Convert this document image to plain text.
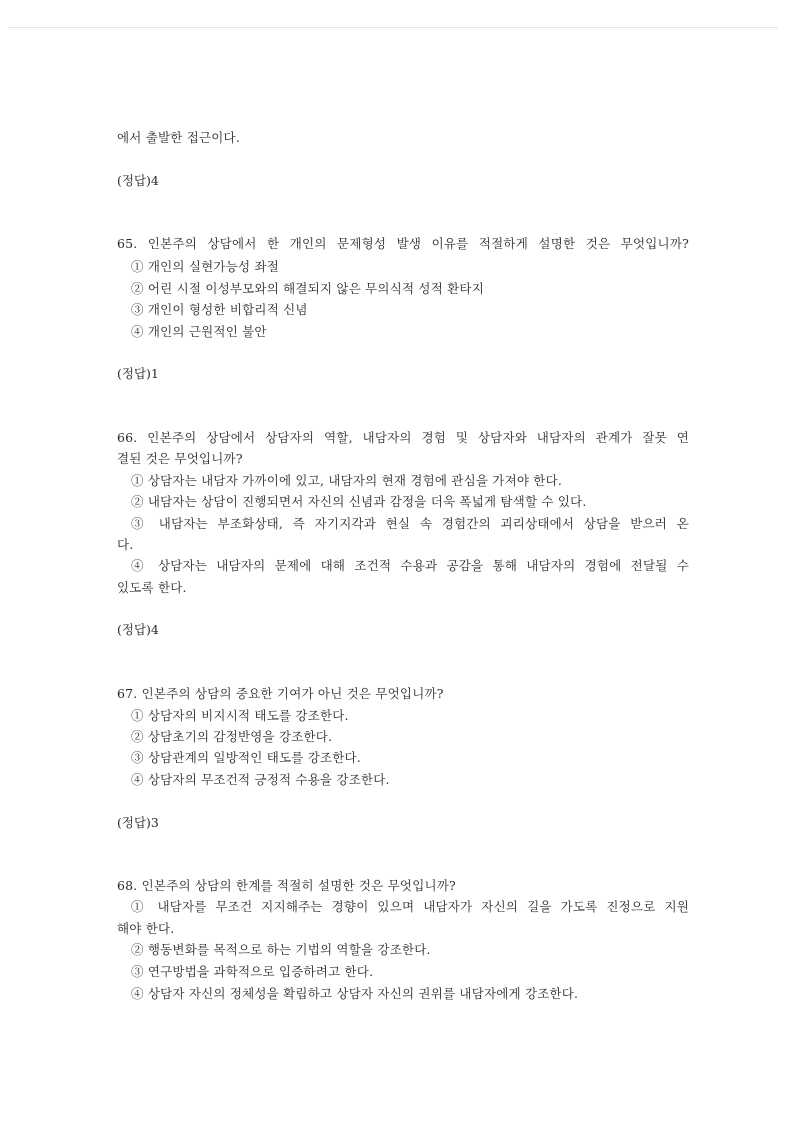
에서 출발한 접근이다.
(정답)4
65. 인본주의 상담에서 한 개인의 문제형성 발생 이유를 적절하게 설명한 것은 무엇입니까?
① 개인의 실현가능성 좌절
② 어린 시절 이성부모와의 해결되지 않은 무의식적 성적 환타지
③ 개인이 형성한 비합리적 신념
④ 개인의 근원적인 불안
(정답)1
66. 인본주의 상담에서 상담자의 역할, 내담자의 경험 및 상담자와 내담자의 관계가 잘못 연
결된 것은 무엇입니까?
① 상담자는 내담자 가까이에 있고, 내담자의 현재 경험에 관심을 가져야 한다.
② 내담자는 상담이 진행되면서 자신의 신념과 감정을 더욱 폭넓게 탐색할 수 있다.
③ 내담자는 부조화상태, 즉 자기지각과 현실 속 경험간의 괴리상태에서 상담을 받으러 온
다.
④ 상담자는 내담자의 문제에 대해 조건적 수용과 공감을 통해 내담자의 경험에 전달될 수
있도록 한다.
(정답)4
67. 인본주의 상담의 중요한 기여가 아닌 것은 무엇입니까?
① 상담자의 비지시적 태도를 강조한다.
② 상담초기의 감정반영을 강조한다.
③ 상담관계의 일방적인 태도를 강조한다.
④ 상담자의 무조건적 긍정적 수용을 강조한다.
(정답)3
68. 인본주의 상담의 한계를 적절히 설명한 것은 무엇입니까?
① 내담자를 무조건 지지해주는 경향이 있으며 내담자가 자신의 길을 가도록 진정으로 지원
해야 한다.
② 행동변화를 목적으로 하는 기법의 역할을 강조한다.
③ 연구방법을 과학적으로 입증하려고 한다.
④ 상담자 자신의 정체성을 확립하고 상담자 자신의 권위를 내담자에게 강조한다.
